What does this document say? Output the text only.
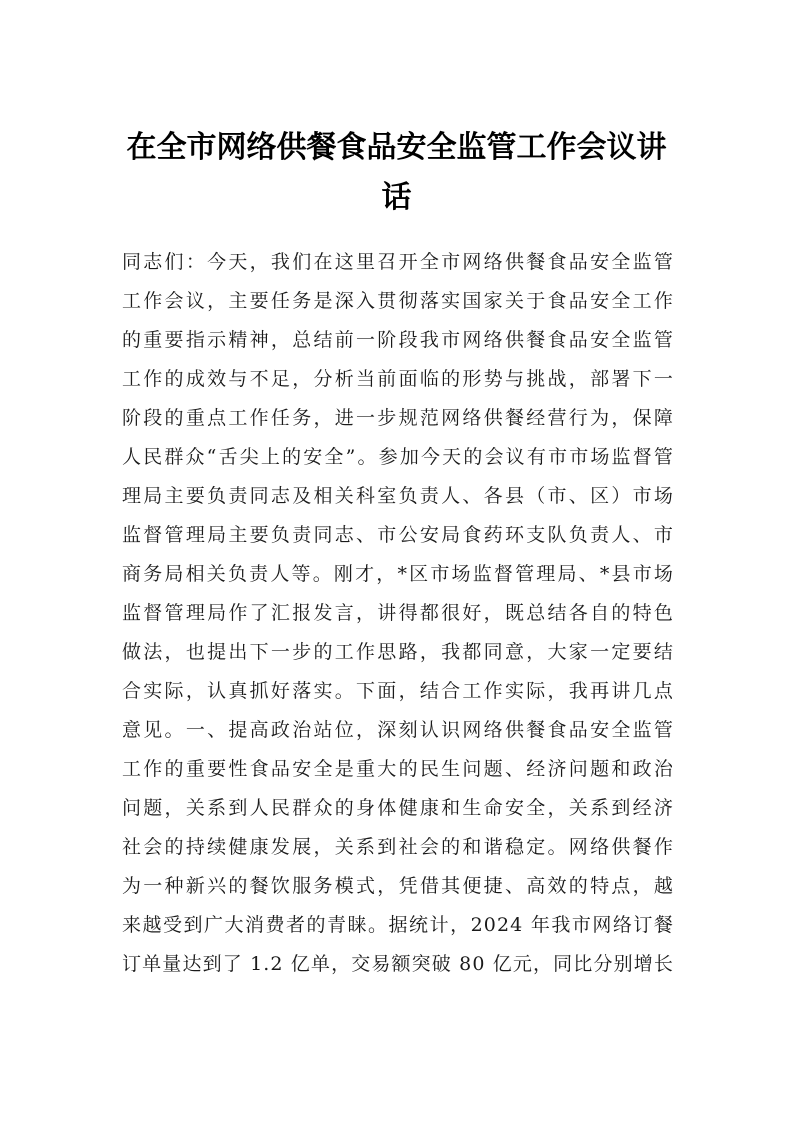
在全市网络供餐食品安全监管工作会议讲话
同志们：今天，我们在这里召开全市网络供餐食品安全监管
工作会议，主要任务是深入贯彻落实国家关于食品安全工作
的重要指示精神，总结前一阶段我市网络供餐食品安全监管
工作的成效与不足，分析当前面临的形势与挑战，部署下一
阶段的重点工作任务，进一步规范网络供餐经营行为，保障
人民群众“舌尖上的安全”。参加今天的会议有市市场监督管
理局主要负责同志及相关科室负责人、各县（市、区）市场
监督管理局主要负责同志、市公安局食药环支队负责人、市
商务局相关负责人等。刚才，*区市场监督管理局、*县市场
监督管理局作了汇报发言，讲得都很好，既总结各自的特色
做法，也提出下一步的工作思路，我都同意，大家一定要结
合实际，认真抓好落实。下面，结合工作实际，我再讲几点
意见。一、提高政治站位，深刻认识网络供餐食品安全监管
工作的重要性食品安全是重大的民生问题、经济问题和政治
问题，关系到人民群众的身体健康和生命安全，关系到经济
社会的持续健康发展，关系到社会的和谐稳定。网络供餐作
为一种新兴的餐饮服务模式，凭借其便捷、高效的特点，越
来越受到广大消费者的青睐。据统计，2024 年我市网络订餐
订单量达到了 1.2 亿单，交易额突破 80 亿元，同比分别增长
